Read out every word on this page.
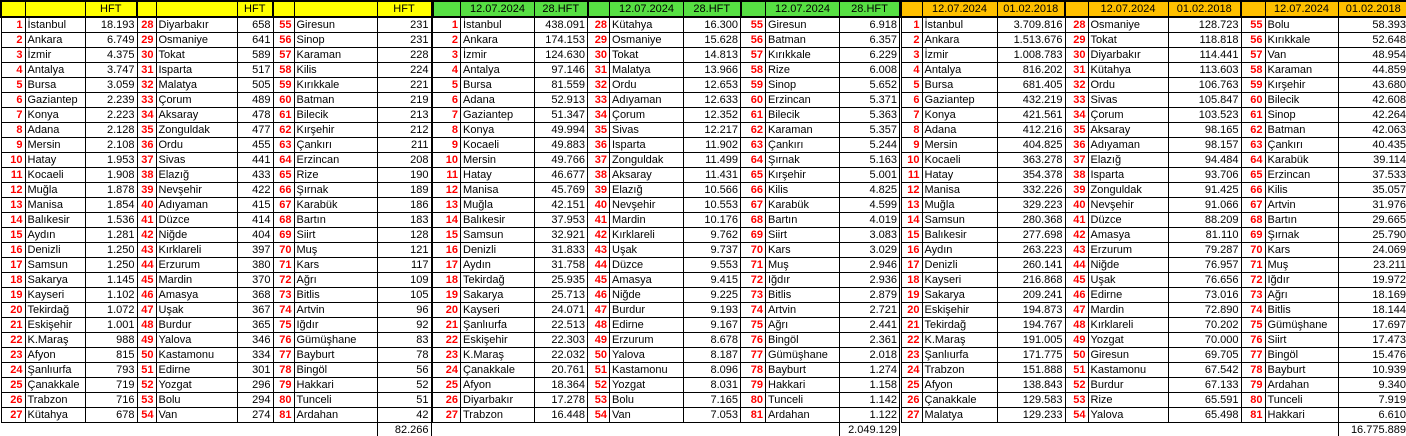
		HFT			HFT			HFT
1	İstanbul	18.193	28	Diyarbakır	658	55	Giresun	231
2	Ankara	6.749	29	Osmaniye	641	56	Sinop	231
3	İzmir	4.375	30	Tokat	589	57	Karaman	228
4	Antalya	3.747	31	Isparta	517	58	Kilis	224
5	Bursa	3.059	32	Malatya	505	59	Kırıkkale	221
6	Gaziantep	2.239	33	Çorum	489	60	Batman	219
7	Konya	2.223	34	Aksaray	478	61	Bilecik	213
8	Adana	2.128	35	Zonguldak	477	62	Kırşehir	212
9	Mersin	2.108	36	Ordu	455	63	Çankırı	211
10	Hatay	1.953	37	Sivas	441	64	Erzincan	208
11	Kocaeli	1.908	38	Elazığ	433	65	Rize	190
12	Muğla	1.878	39	Nevşehir	422	66	Şırnak	189
13	Manisa	1.854	40	Adıyaman	415	67	Karabük	186
14	Balıkesir	1.536	41	Düzce	414	68	Bartın	183
15	Aydın	1.281	42	Niğde	404	69	Siirt	128
16	Denizli	1.250	43	Kırklareli	397	70	Muş	121
17	Samsun	1.250	44	Erzurum	380	71	Kars	117
18	Sakarya	1.145	45	Mardin	370	72	Ağrı	109
19	Kayseri	1.102	46	Amasya	368	73	Bitlis	105
20	Tekirdağ	1.072	47	Uşak	367	74	Artvin	96
21	Eskişehir	1.001	48	Burdur	365	75	Iğdır	92
22	K.Maraş	988	49	Yalova	346	76	Gümüşhane	83
23	Afyon	815	50	Kastamonu	334	77	Bayburt	78
24	Şanlıurfa	793	51	Edirne	301	78	Bingöl	56
25	Çanakkale	719	52	Yozgat	296	79	Hakkari	52
26	Trabzon	716	53	Bolu	294	80	Tunceli	51
27	Kütahya	678	54	Van	274	81	Ardahan	42
								82.266
	12.07.2024	28.HFT		12.07.2024	28.HFT		12.07.2024	28.HFT
1	İstanbul	438.091	28	Kütahya	16.300	55	Giresun	6.918
2	Ankara	174.153	29	Osmaniye	15.628	56	Batman	6.357
3	İzmir	124.630	30	Tokat	14.813	57	Kırıkkale	6.229
4	Antalya	97.146	31	Malatya	13.966	58	Rize	6.008
5	Bursa	81.559	32	Ordu	12.653	59	Sinop	5.652
6	Adana	52.913	33	Adıyaman	12.633	60	Erzincan	5.371
7	Gaziantep	51.347	34	Çorum	12.352	61	Bilecik	5.363
8	Konya	49.994	35	Sivas	12.217	62	Karaman	5.357
9	Kocaeli	49.883	36	Isparta	11.902	63	Çankırı	5.244
10	Mersin	49.766	37	Zonguldak	11.499	64	Şırnak	5.163
11	Hatay	46.677	38	Aksaray	11.431	65	Kırşehir	5.001
12	Manisa	45.769	39	Elazığ	10.566	66	Kilis	4.825
13	Muğla	42.151	40	Nevşehir	10.553	67	Karabük	4.599
14	Balıkesir	37.953	41	Mardin	10.176	68	Bartın	4.019
15	Samsun	32.921	42	Kırklareli	9.762	69	Siirt	3.083
16	Denizli	31.833	43	Uşak	9.737	70	Kars	3.029
17	Aydın	31.758	44	Düzce	9.553	71	Muş	2.946
18	Tekirdağ	25.935	45	Amasya	9.415	72	Iğdır	2.936
19	Sakarya	25.713	46	Niğde	9.225	73	Bitlis	2.879
20	Kayseri	24.071	47	Burdur	9.193	74	Artvin	2.721
21	Şanlıurfa	22.513	48	Edirne	9.167	75	Ağrı	2.441
22	Eskişehir	22.303	49	Erzurum	8.678	76	Bingöl	2.361
23	K.Maraş	22.032	50	Yalova	8.187	77	Gümüşhane	2.018
24	Çanakkale	20.761	51	Kastamonu	8.096	78	Bayburt	1.274
25	Afyon	18.364	52	Yozgat	8.031	79	Hakkari	1.158
26	Diyarbakır	17.278	53	Bolu	7.165	80	Tunceli	1.142
27	Trabzon	16.448	54	Van	7.053	81	Ardahan	1.122
								2.049.129
	12.07.2024	01.02.2018		12.07.2024	01.02.2018		12.07.2024	01.02.2018
1	İstanbul	3.709.816	28	Osmaniye	128.723	55	Bolu	58.393
2	Ankara	1.513.676	29	Tokat	118.818	56	Kırıkkale	52.648
3	İzmir	1.008.783	30	Diyarbakır	114.441	57	Van	48.954
4	Antalya	816.202	31	Kütahya	113.603	58	Karaman	44.859
5	Bursa	681.405	32	Ordu	106.763	59	Kırşehir	43.680
6	Gaziantep	432.219	33	Sivas	105.847	60	Bilecik	42.608
7	Konya	421.561	34	Çorum	103.523	61	Sinop	42.264
8	Adana	412.216	35	Aksaray	98.165	62	Batman	42.063
9	Mersin	404.825	36	Adıyaman	98.157	63	Çankırı	40.435
10	Kocaeli	363.278	37	Elazığ	94.484	64	Karabük	39.114
11	Hatay	354.378	38	Isparta	93.706	65	Erzincan	37.533
12	Manisa	332.226	39	Zonguldak	91.425	66	Kilis	35.057
13	Muğla	329.223	40	Nevşehir	91.066	67	Artvin	31.976
14	Samsun	280.368	41	Düzce	88.209	68	Bartın	29.665
15	Balıkesir	277.698	42	Amasya	81.110	69	Şırnak	25.790
16	Aydın	263.223	43	Erzurum	79.287	70	Kars	24.069
17	Denizli	260.141	44	Niğde	76.957	71	Muş	23.211
18	Kayseri	216.868	45	Uşak	76.656	72	Iğdır	19.972
19	Sakarya	209.241	46	Edirne	73.016	73	Ağrı	18.169
20	Eskişehir	194.873	47	Mardin	72.890	74	Bitlis	18.144
21	Tekirdağ	194.767	48	Kırklareli	70.202	75	Gümüşhane	17.697
22	K.Maraş	191.005	49	Yozgat	70.000	76	Siirt	17.473
23	Şanlıurfa	171.775	50	Giresun	69.705	77	Bingöl	15.476
24	Trabzon	151.888	51	Kastamonu	67.542	78	Bayburt	10.939
25	Afyon	138.843	52	Burdur	67.133	79	Ardahan	9.340
26	Çanakkale	129.583	53	Rize	65.591	80	Tunceli	7.919
27	Malatya	129.233	54	Yalova	65.498	81	Hakkari	6.610
								16.775.889
